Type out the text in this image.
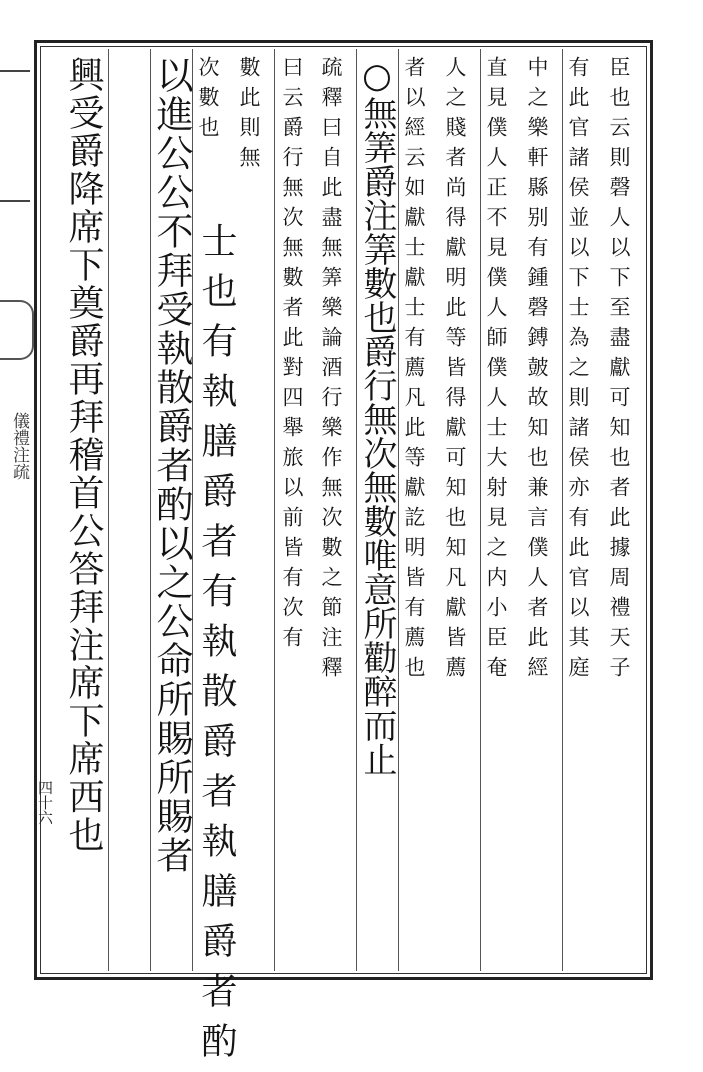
儀禮注疏
四十六
臣也云則磬人以下至盡獻可知也者此據周禮天子
有此官諸侯並以下士為之則諸侯亦有此官以其庭
中之樂軒縣别有鍾磬鎛皷故知也兼言僕人者此經
直見僕人正不見僕人師僕人士大射見之内小臣奄
人之賤者尚得獻明此等皆得獻可知也知凡獻皆薦
者以經云如獻士獻士有薦凡此等獻訖明皆有薦也
○無筭爵注筭數也爵行無次無數唯意所勸醉而止
疏釋曰自此盡無筭樂論酒行樂作無次數之節注釋
曰云爵行無次無數者此對四舉旅以前皆有次有
數此則無
次數也
士也有執膳爵者有執散爵者執膳爵者酌
以進公公不拜受執散爵者酌以之公命所賜所賜者
興受爵降席下奠爵再拜稽首公答拜注席下席西也
